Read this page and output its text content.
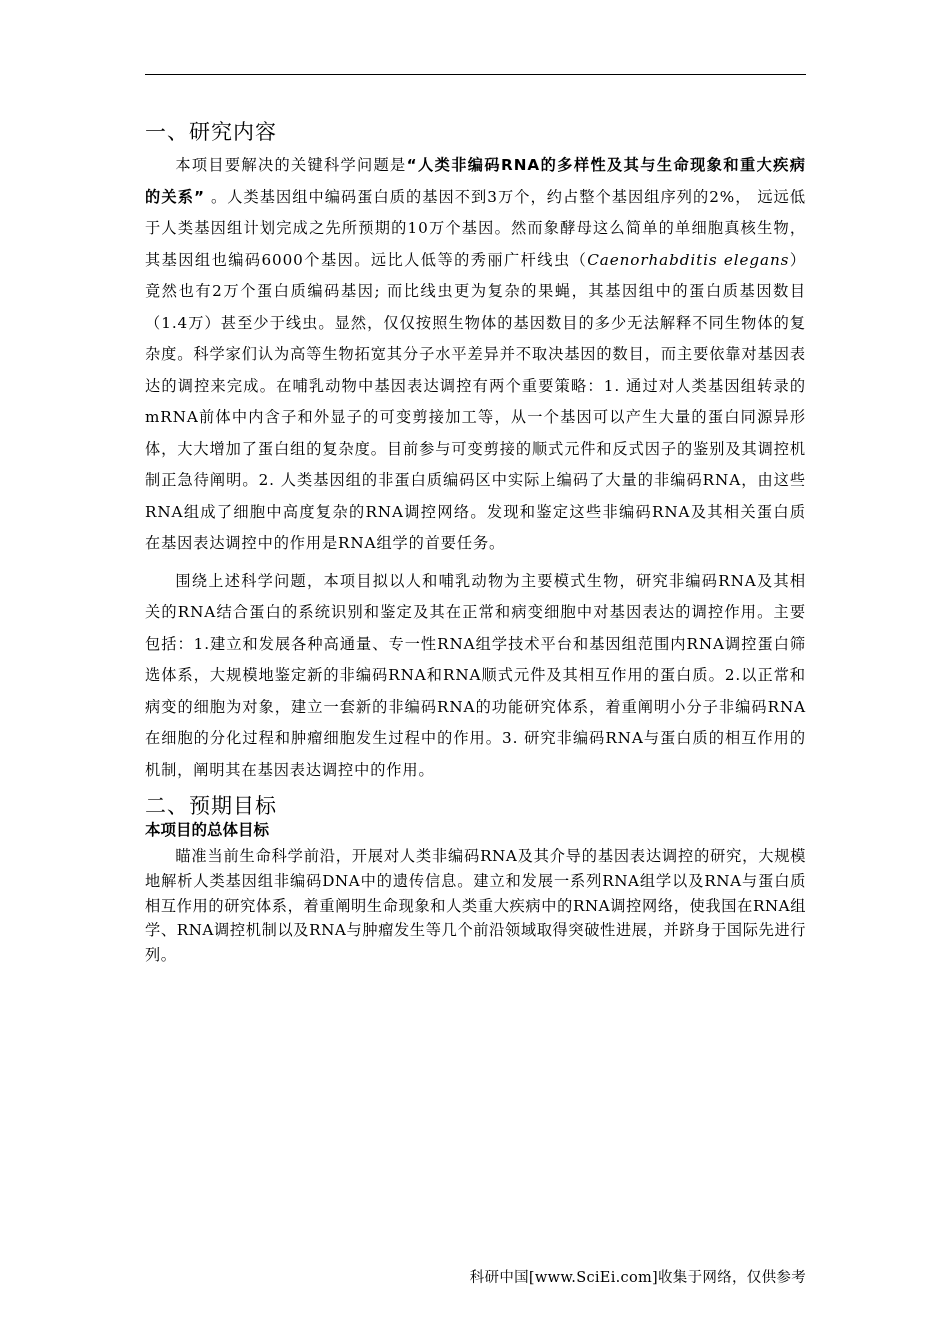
一、研究内容

本项目要解决的关键科学问题是“人类非编码RNA的多样性及其与生命现象和重大疾病的关系” 。人类基因组中编码蛋白质的基因不到3万个，约占整个基因组序列的2%， 远远低于人类基因组计划完成之先所预期的10万个基因。然而象酵母这么简单的单细胞真核生物，其基因组也编码6000个基因。远比人低等的秀丽广杆线虫（Caenorhabditis elegans）竟然也有2万个蛋白质编码基因; 而比线虫更为复杂的果蝇，其基因组中的蛋白质基因数目（1.4万）甚至少于线虫。显然，仅仅按照生物体的基因数目的多少无法解释不同生物体的复杂度。科学家们认为高等生物拓宽其分子水平差异并不取决基因的数目，而主要依靠对基因表达的调控来完成。在哺乳动物中基因表达调控有两个重要策略：1. 通过对人类基因组转录的mRNA前体中内含子和外显子的可变剪接加工等，从一个基因可以产生大量的蛋白同源异形体，大大增加了蛋白组的复杂度。目前参与可变剪接的顺式元件和反式因子的鉴别及其调控机制正急待阐明。2. 人类基因组的非蛋白质编码区中实际上编码了大量的非编码RNA，由这些RNA组成了细胞中高度复杂的RNA调控网络。发现和鉴定这些非编码RNA及其相关蛋白质在基因表达调控中的作用是RNA组学的首要任务。

围绕上述科学问题，本项目拟以人和哺乳动物为主要模式生物，研究非编码RNA及其相关的RNA结合蛋白的系统识别和鉴定及其在正常和病变细胞中对基因表达的调控作用。主要包括：1.建立和发展各种高通量、专一性RNA组学技术平台和基因组范围内RNA调控蛋白筛选体系，大规模地鉴定新的非编码RNA和RNA顺式元件及其相互作用的蛋白质。2.以正常和病变的细胞为对象，建立一套新的非编码RNA的功能研究体系，着重阐明小分子非编码RNA在细胞的分化过程和肿瘤细胞发生过程中的作用。3. 研究非编码RNA与蛋白质的相互作用的机制，阐明其在基因表达调控中的作用。

二、预期目标
本项目的总体目标

瞄准当前生命科学前沿，开展对人类非编码RNA及其介导的基因表达调控的研究，大规模地解析人类基因组非编码DNA中的遗传信息。建立和发展一系列RNA组学以及RNA与蛋白质相互作用的研究体系，着重阐明生命现象和人类重大疾病中的RNA调控网络，使我国在RNA组学、RNA调控机制以及RNA与肿瘤发生等几个前沿领域取得突破性进展，并跻身于国际先进行列。

科研中国[www.SciEi.com]收集于网络，仅供参考
